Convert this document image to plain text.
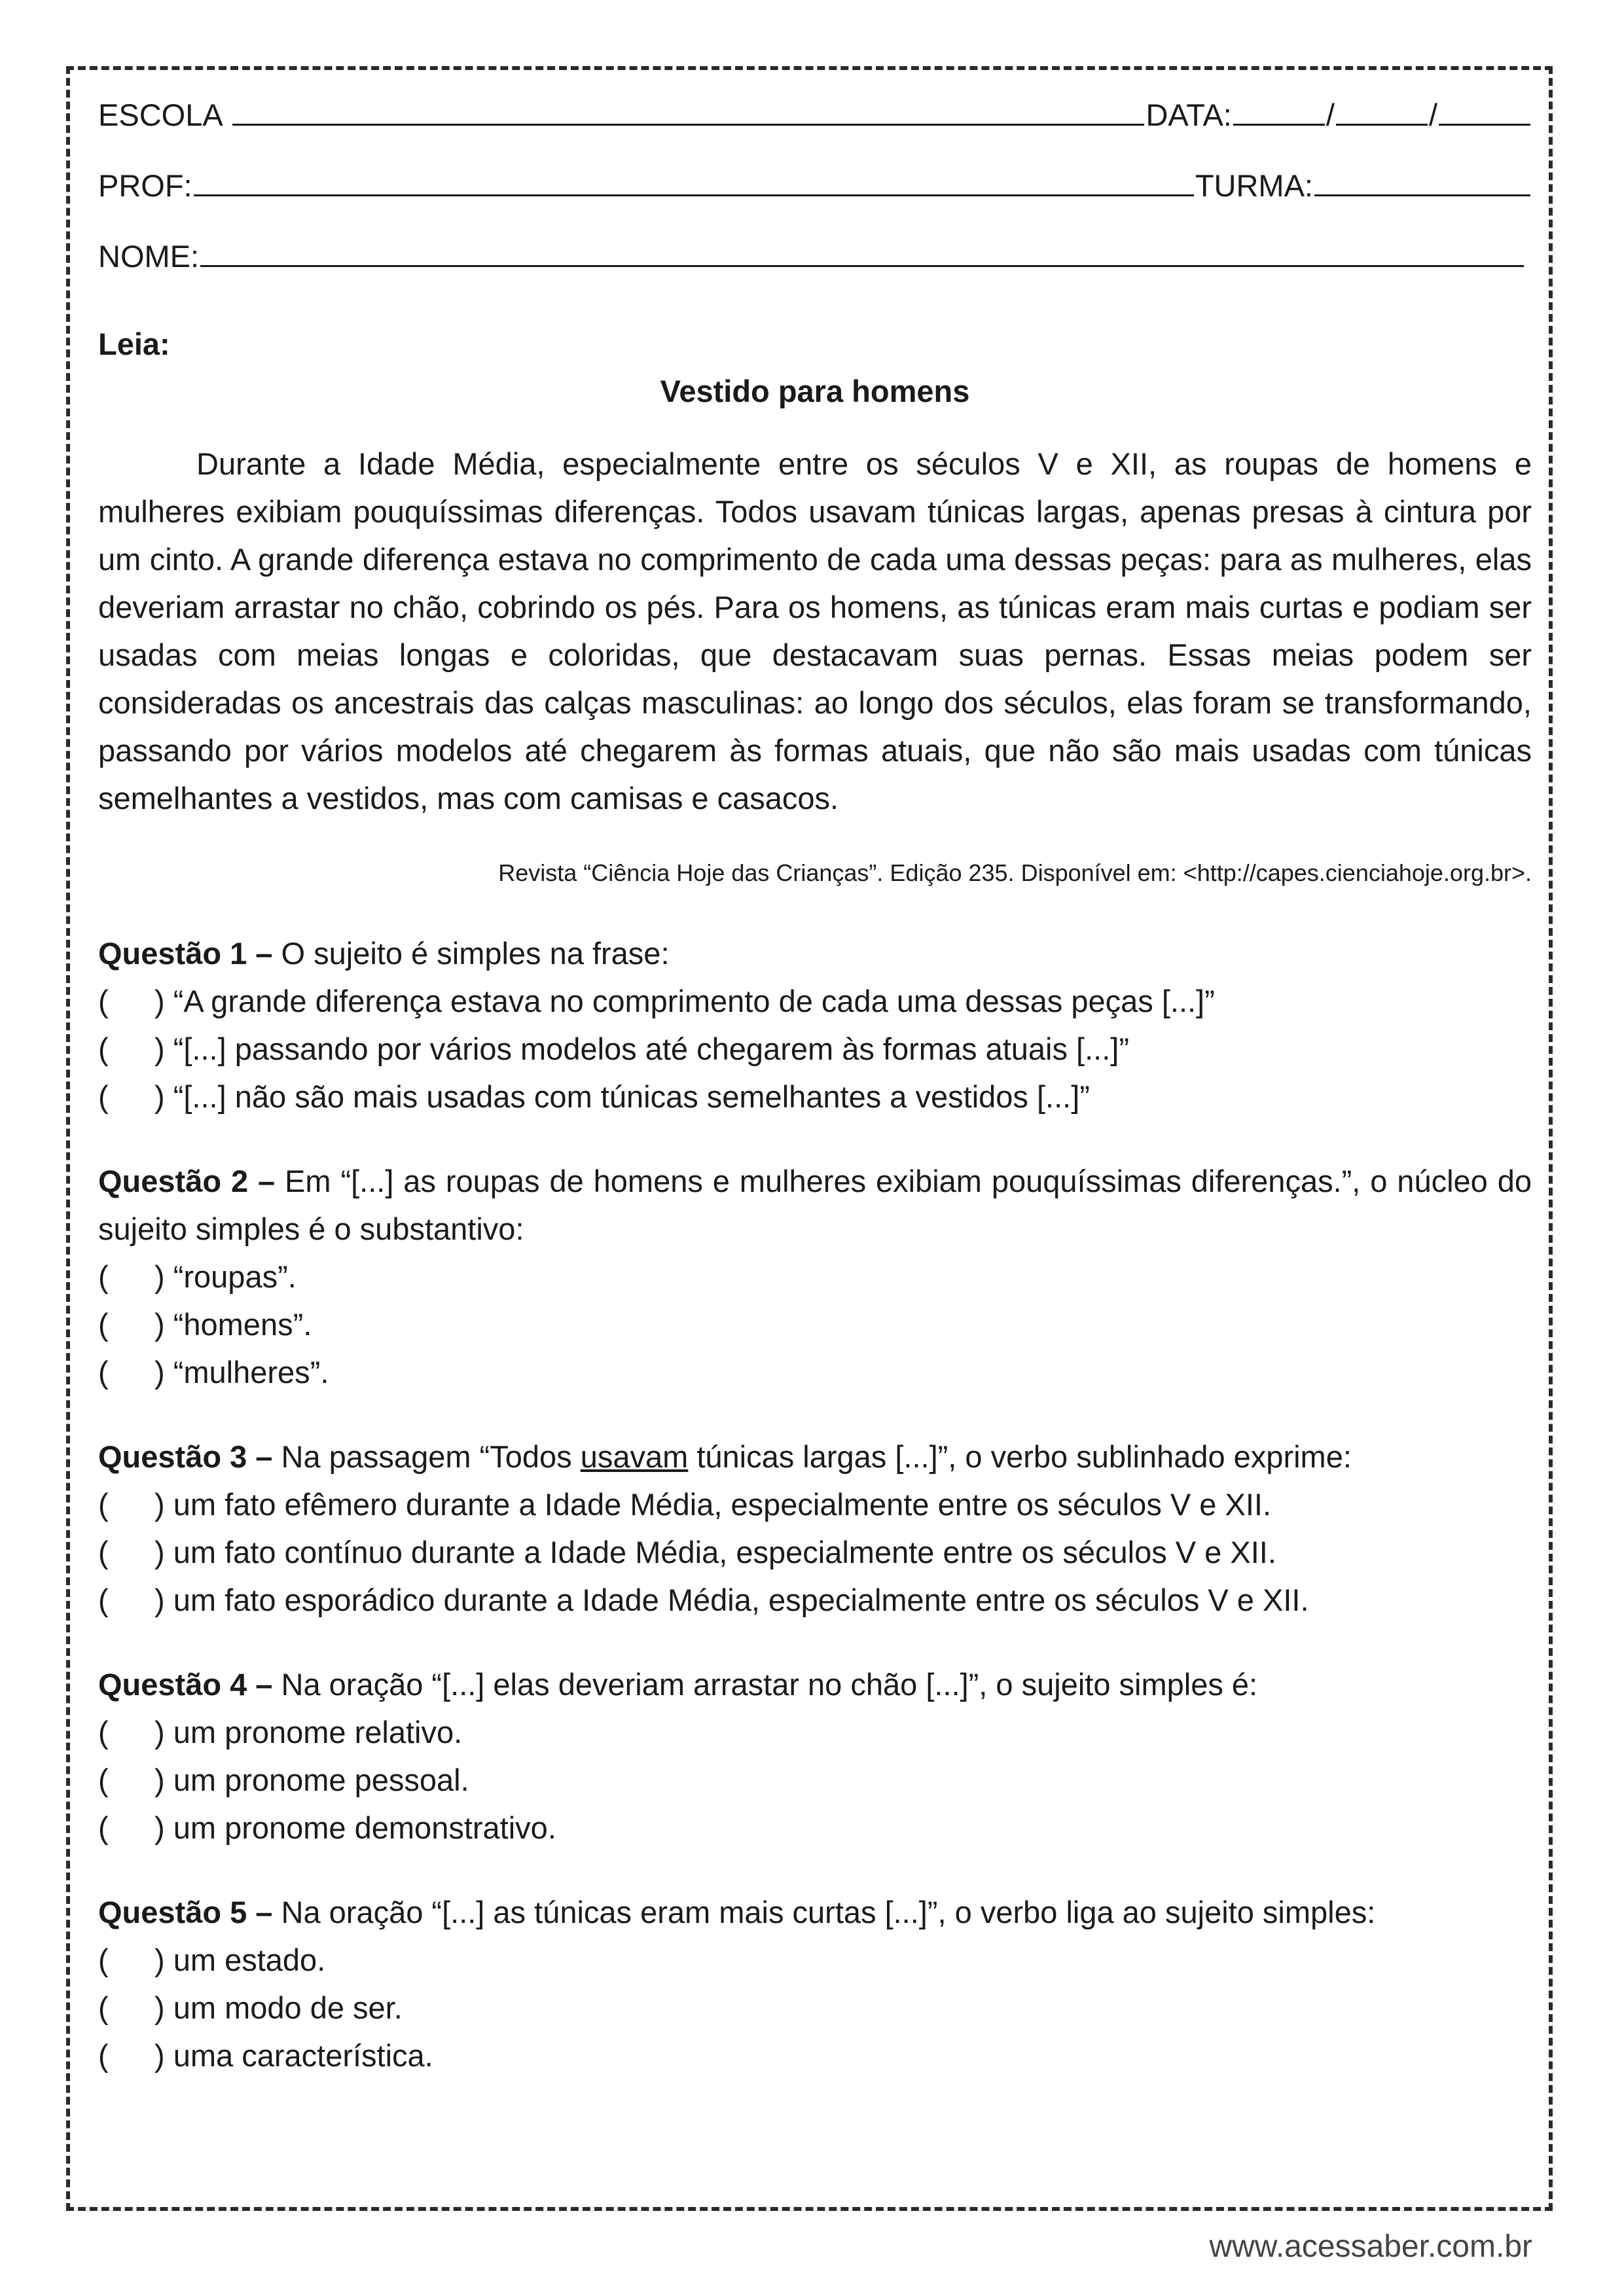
ESCOLA	DATA:	/	/
PROF:	TURMA:
NOME:
Leia:
Vestido para homens
Durante a Idade Média, especialmente entre os séculos V e XII, as roupas de homens e mulheres exibiam pouquíssimas diferenças. Todos usavam túnicas largas, apenas presas à cintura por um cinto. A grande diferença estava no comprimento de cada uma dessas peças: para as mulheres, elas deveriam arrastar no chão, cobrindo os pés. Para os homens, as túnicas eram mais curtas e podiam ser usadas com meias longas e coloridas, que destacavam suas pernas. Essas meias podem ser consideradas os ancestrais das calças masculinas: ao longo dos séculos, elas foram se transformando, passando por vários modelos até chegarem às formas atuais, que não são mais usadas com túnicas semelhantes a vestidos, mas com camisas e casacos.
Revista “Ciência Hoje das Crianças”. Edição 235. Disponível em: <http://capes.cienciahoje.org.br>.
Questão 1 – O sujeito é simples na frase:
(	)
“A grande diferença estava no comprimento de cada uma dessas peças [...]”
(	)
“[...] passando por vários modelos até chegarem às formas atuais [...]”
(	)
“[...] não são mais usadas com túnicas semelhantes a vestidos [...]”
Questão 2 – Em “[...] as roupas de homens e mulheres exibiam pouquíssimas diferenças.”, o núcleo do sujeito simples é o substantivo:
(	)
“roupas”.
(	)
“homens”.
(	)
“mulheres”.
Questão 3 – Na passagem “Todos usavam túnicas largas [...]”, o verbo sublinhado exprime:
(	)
um fato efêmero durante a Idade Média, especialmente entre os séculos V e XII.
(	)
um fato contínuo durante a Idade Média, especialmente entre os séculos V e XII.
(	)
um fato esporádico durante a Idade Média, especialmente entre os séculos V e XII.
Questão 4 – Na oração “[...] elas deveriam arrastar no chão [...]”, o sujeito simples é:
(	)
um pronome relativo.
(	)
um pronome pessoal.
(	)
um pronome demonstrativo.
Questão 5 – Na oração “[...] as túnicas eram mais curtas [...]”, o verbo liga ao sujeito simples:
(	)
um estado.
(	)
um modo de ser.
(	)
uma característica.
www.acessaber.com.br
